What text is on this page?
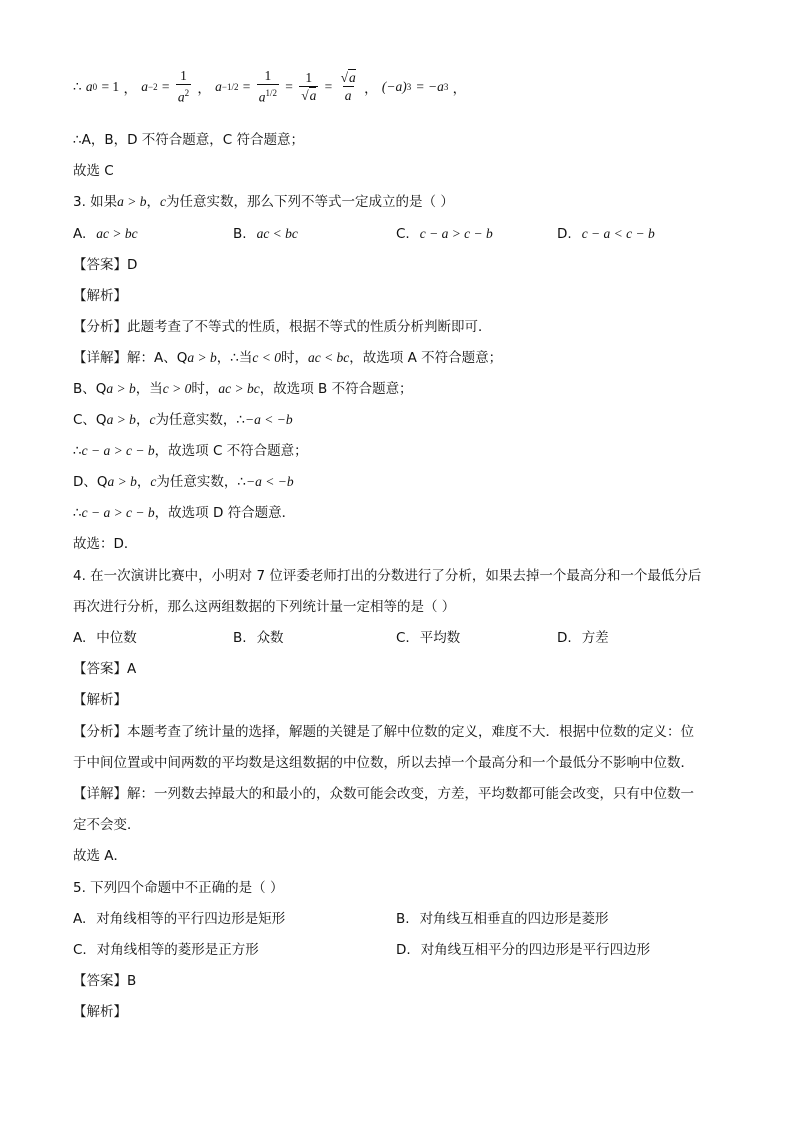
∴ a0 = 1 ， $a-2 = \frac{1}{a^2}$ ， $a-1/2 = \frac{1}{a^{1/2}} = \frac{1}{√a} = \frac{√a}{a}$ ， (−a)3 = −a3 ，
∴A，B，D 不符合题意，C 符合题意；
故选 C
3. 如果a > b，c为任意实数，那么下列不等式一定成立的是（ ）
A. ac > bc	B. ac < bc	C. c − a > c − b	D. c − a < c − b
【答案】D
【解析】
【分析】此题考查了不等式的性质，根据不等式的性质分析判断即可．
【详解】解：A、Qa > b，∴当c < 0时，ac < bc，故选项 A 不符合题意；
B、Qa > b，当c > 0时，ac > bc，故选项 B 不符合题意；
C、Qa > b，c为任意实数，∴−a < −b
∴c − a > c − b，故选项 C 不符合题意；
D、Qa > b，c为任意实数，∴−a < −b
∴c − a > c − b，故选项 D 符合题意．
故选：D．
4. 在一次演讲比赛中，小明对 7 位评委老师打出的分数进行了分析，如果去掉一个最高分和一个最低分后
再次进行分析，那么这两组数据的下列统计量一定相等的是（ ）
A. 中位数	B. 众数	C. 平均数	D. 方差
【答案】A
【解析】
【分析】本题考查了统计量的选择，解题的关键是了解中位数的定义，难度不大．根据中位数的定义：位
于中间位置或中间两数的平均数是这组数据的中位数，所以去掉一个最高分和一个最低分不影响中位数．
【详解】解：一列数去掉最大的和最小的，众数可能会改变，方差，平均数都可能会改变，只有中位数一
定不会变．
故选 A．
5. 下列四个命题中不正确的是（ ）
A. 对角线相等的平行四边形是矩形	B. 对角线互相垂直的四边形是菱形
C. 对角线相等的菱形是正方形	D. 对角线互相平分的四边形是平行四边形
【答案】B
【解析】
